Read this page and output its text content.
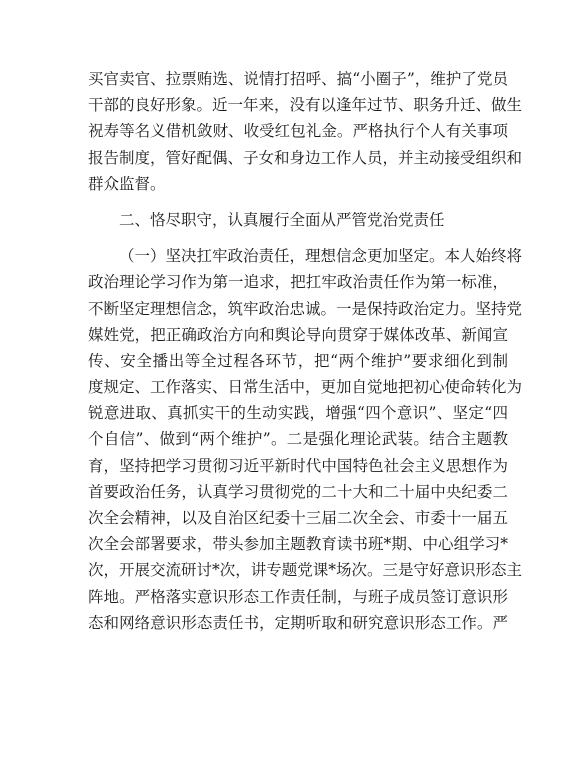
买官卖官、拉票贿选、说情打招呼、搞“小圈子”，维护了党员
干部的良好形象。近一年来，没有以逢年过节、职务升迁、做生
祝寿等名义借机敛财、收受红包礼金。严格执行个人有关事项
报告制度，管好配偶、子女和身边工作人员，并主动接受组织和
群众监督。
二、恪尽职守，认真履行全面从严管党治党责任
（一）坚决扛牢政治责任，理想信念更加坚定。本人始终将
政治理论学习作为第一追求，把扛牢政治责任作为第一标准，
不断坚定理想信念，筑牢政治忠诚。一是保持政治定力。坚持党
媒姓党，把正确政治方向和舆论导向贯穿于媒体改革、新闻宣
传、安全播出等全过程各环节，把“两个维护”要求细化到制
度规定、工作落实、日常生活中，更加自觉地把初心使命转化为
锐意进取、真抓实干的生动实践，增强“四个意识”、坚定“四
个自信”、做到“两个维护”。二是强化理论武装。结合主题教
育，坚持把学习贯彻习近平新时代中国特色社会主义思想作为
首要政治任务，认真学习贯彻党的二十大和二十届中央纪委二
次全会精神，以及自治区纪委十三届二次全会、市委十一届五
次全会部署要求，带头参加主题教育读书班*期、中心组学习*
次，开展交流研讨*次，讲专题党课*场次。三是守好意识形态主
阵地。严格落实意识形态工作责任制，与班子成员签订意识形
态和网络意识形态责任书，定期听取和研究意识形态工作。严
